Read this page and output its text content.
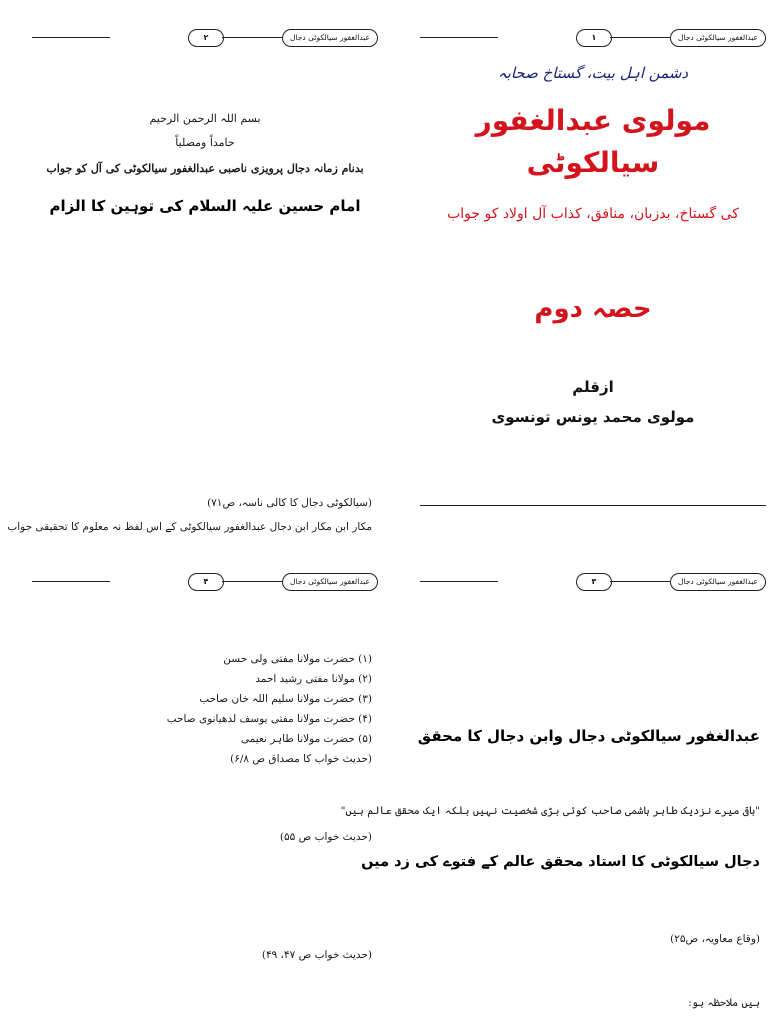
عبدالغفور سیالکوٹی دجال
۱
دشمن اہل بیت، گستاخ صحابہ
مولوی عبدالغفور
سیالکوٹی
کی گستاخ، بدزبان، منافق، کذاب آل اولاد کو جواب
حصہ دوم
ازقلم
مولوی محمد یونس تونسوی
عبدالغفور سیالکوٹی دجال
۲
بسم اللہ الرحمن الرحیم
حامداً ومصلیاً
بدنام زمانہ دجال پرویزی ناصبی عبدالغفور سیالکوٹی کی آل کو جواب
امام حسین علیہ السلام کی توہین کا الزام
(سیالکوٹی دجال کا کالی ناسہ، ص۷۱)
مکار ابن مکار ابن دجال عبدالغفور سیالکوٹی کے اس لفظ نہ معلوم کا تحقیقی جواب
عبدالغفور سیالکوٹی دجال
۳
عبدالغفور سیالکوٹی دجال وابن دجال کا محقق
"باقی میرے نزدیک طاہر ہاشمی صاحب کوئی بڑی شخصیت نہیں بلکہ ایک محقق عالم ہیں"
دجال سیالکوٹی کا استاد محقق عالم کے فتوے کی زد میں
(وقاع معاویہ، ص۲۵)
ہیں ملاحظہ ہو:
عبدالغفور سیالکوٹی دجال
۴
(۱) حضرت مولانا مفتی ولی حسن
(۲) مولانا مفتی رشید احمد
(۳) حضرت مولانا سلیم اللہ خان صاحب
(۴) حضرت مولانا مفتی یوسف لدھیانوی صاحب
(۵) حضرت مولانا طاہر نعیمی
(حدیث خواب کا مصداق ص ۶/۸)
(حدیث خواب ص ۵۵)
(حدیث خواب ص ۴۷، ۴۹)
